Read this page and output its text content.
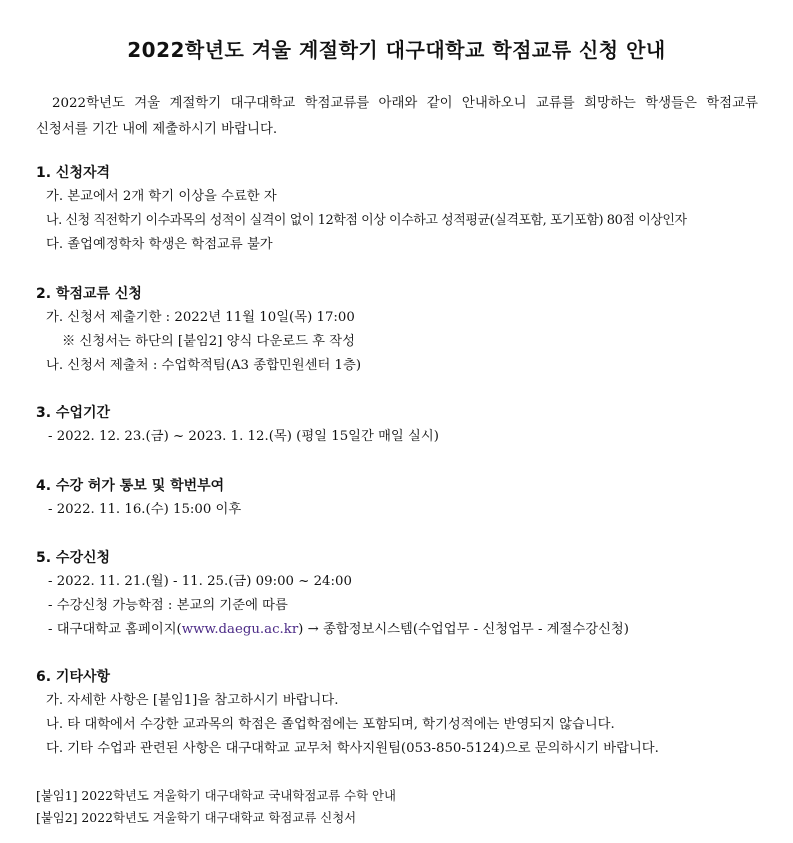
2022학년도 겨울 계절학기 대구대학교 학점교류 신청 안내
2022학년도 겨울 계절학기 대구대학교 학점교류를 아래와 같이 안내하오니 교류를 희망하는 학생들은 학점교류 신청서를 기간 내에 제출하시기 바랍니다.
1. 신청자격
가. 본교에서 2개 학기 이상을 수료한 자
나. 신청 직전학기 이수과목의 성적이 실격이 없이 12학점 이상 이수하고 성적평균(실격포함, 포기포함) 80점 이상인자
다. 졸업예정학차 학생은 학점교류 불가
2. 학점교류 신청
가. 신청서 제출기한 : 2022년 11월 10일(목) 17:00
※ 신청서는 하단의 [붙임2] 양식 다운로드 후 작성
나. 신청서 제출처 : 수업학적팀(A3 종합민원센터 1층)
3. 수업기간
- 2022. 12. 23.(금) ~ 2023. 1. 12.(목) (평일 15일간 매일 실시)
4. 수강 허가 통보 및 학번부여
- 2022. 11. 16.(수) 15:00 이후
5. 수강신청
- 2022. 11. 21.(월) - 11. 25.(금) 09:00 ~ 24:00
- 수강신청 가능학점 : 본교의 기준에 따름
- 대구대학교 홈페이지(www.daegu.ac.kr) → 종합정보시스템(수업업무 - 신청업무 - 계절수강신청)
6. 기타사항
가. 자세한 사항은 [붙임1]을 참고하시기 바랍니다.
나. 타 대학에서 수강한 교과목의 학점은 졸업학점에는 포함되며, 학기성적에는 반영되지 않습니다.
다. 기타 수업과 관련된 사항은 대구대학교 교무처 학사지원팀(053-850-5124)으로 문의하시기 바랍니다.
[붙임1] 2022학년도 겨울학기 대구대학교 국내학점교류 수학 안내
[붙임2] 2022학년도 겨울학기 대구대학교 학점교류 신청서
